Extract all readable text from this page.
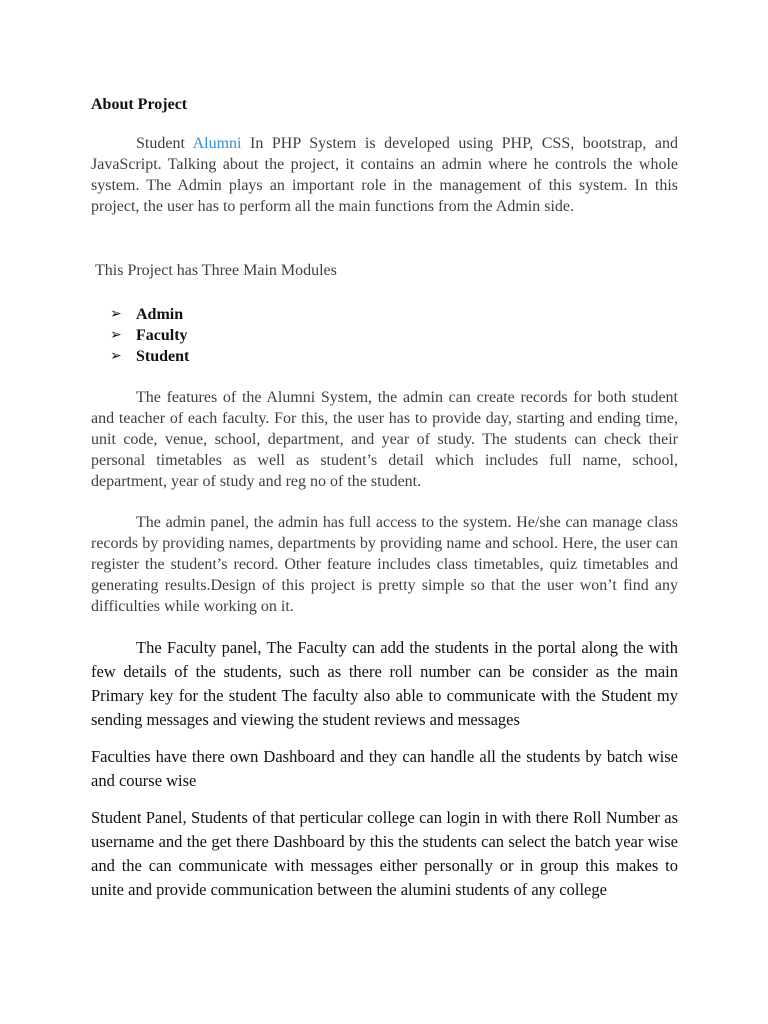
About Project

Student Alumni In PHP System is developed using PHP, CSS, bootstrap, and JavaScript. Talking about the project, it contains an admin where he controls the whole system. The Admin plays an important role in the management of this system. In this project, the user has to perform all the main functions from the Admin side.

This Project has Three Main Modules

➢ Admin
➢ Faculty
➢ Student

The features of the Alumni System, the admin can create records for both student and teacher of each faculty. For this, the user has to provide day, starting and ending time, unit code, venue, school, department, and year of study. The students can check their personal timetables as well as student’s detail which includes full name, school, department, year of study and reg no of the student.

The admin panel, the admin has full access to the system. He/she can manage class records by providing names, departments by providing name and school. Here, the user can register the student’s record. Other feature includes class timetables, quiz timetables and generating results.Design of this project is pretty simple so that the user won’t find any difficulties while working on it.

The Faculty panel, The Faculty can add the students in the portal along the with few details of the students, such as there roll number can be consider as the main Primary key for the student The faculty also able to communicate with the Student my sending messages and viewing the student reviews and messages

Faculties have there own Dashboard and they can handle all the students by batch wise and course wise

Student Panel, Students of that perticular college can login in with there Roll Number as username and the get there Dashboard by this the students can select the batch year wise and the can communicate with messages either personally or in group this makes to unite and provide communication between the alumini students of any college
